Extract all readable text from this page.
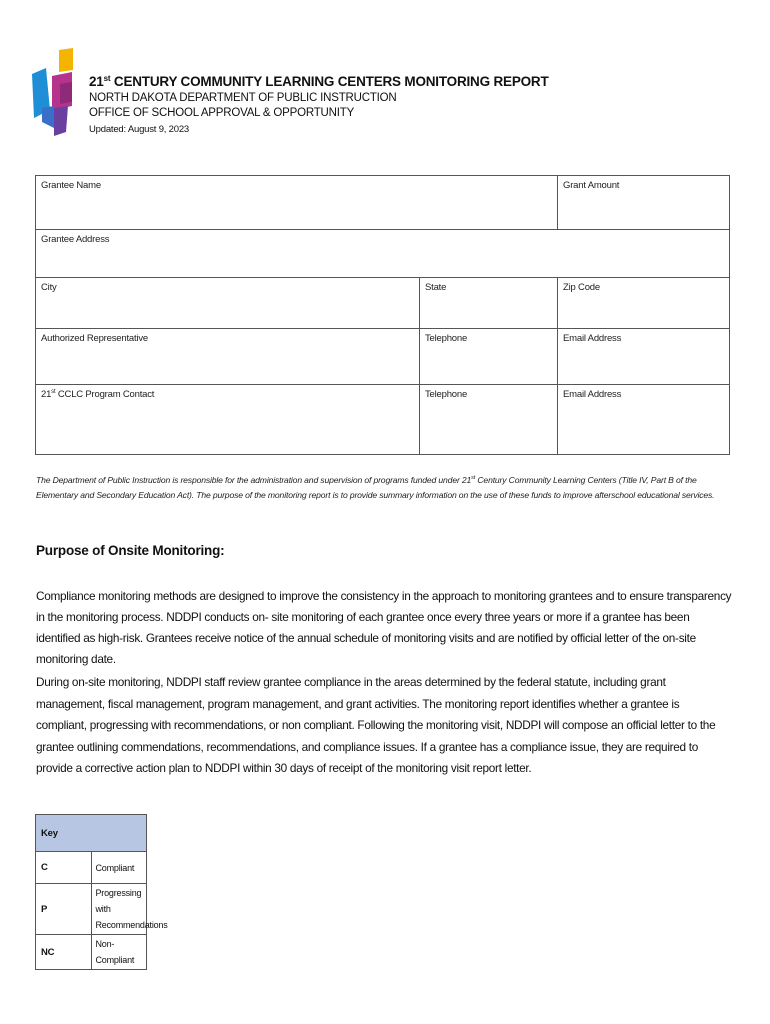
21st CENTURY COMMUNITY LEARNING CENTERS MONITORING REPORT

NORTH DAKOTA DEPARTMENT OF PUBLIC INSTRUCTION

OFFICE OF SCHOOL APPROVAL & OPPORTUNITY

Updated: August 9, 2023
Grantee Name		Grant Amount
Grantee Address		
City	State	Zip Code
Authorized Representative	Telephone	Email Address
21st CCLC Program Contact	Telephone	Email Address
The Department of Public Instruction is responsible for the administration and supervision of programs funded under 21st Century Community Learning Centers (Title IV, Part B of the Elementary and Secondary Education Act). The purpose of the monitoring report is to provide summary information on the use of these funds to improve afterschool educational services.
Purpose of Onsite Monitoring:

Compliance monitoring methods are designed to improve the consistency in the approach to monitoring grantees and to ensure transparency in the monitoring process. NDDPI conducts on- site monitoring of each grantee once every three years or more if a grantee has been identified as high-risk. Grantees receive notice of the annual schedule of monitoring visits and are notified by official letter of the on-site monitoring date.

During on-site monitoring, NDDPI staff review grantee compliance in the areas determined by the federal statute, including grant management, fiscal management, program management, and grant activities. The monitoring report identifies whether a grantee is compliant, progressing with recommendations, or non compliant. Following the monitoring visit, NDDPI will compose an official letter to the grantee outlining commendations, recommendations, and compliance issues. If a grantee has a compliance issue, they are required to provide a corrective action plan to NDDPI within 30 days of receipt of the monitoring visit report letter.

Key	
C	Compliant
P	Progressing with Recommendations
NC	Non-Compliant
